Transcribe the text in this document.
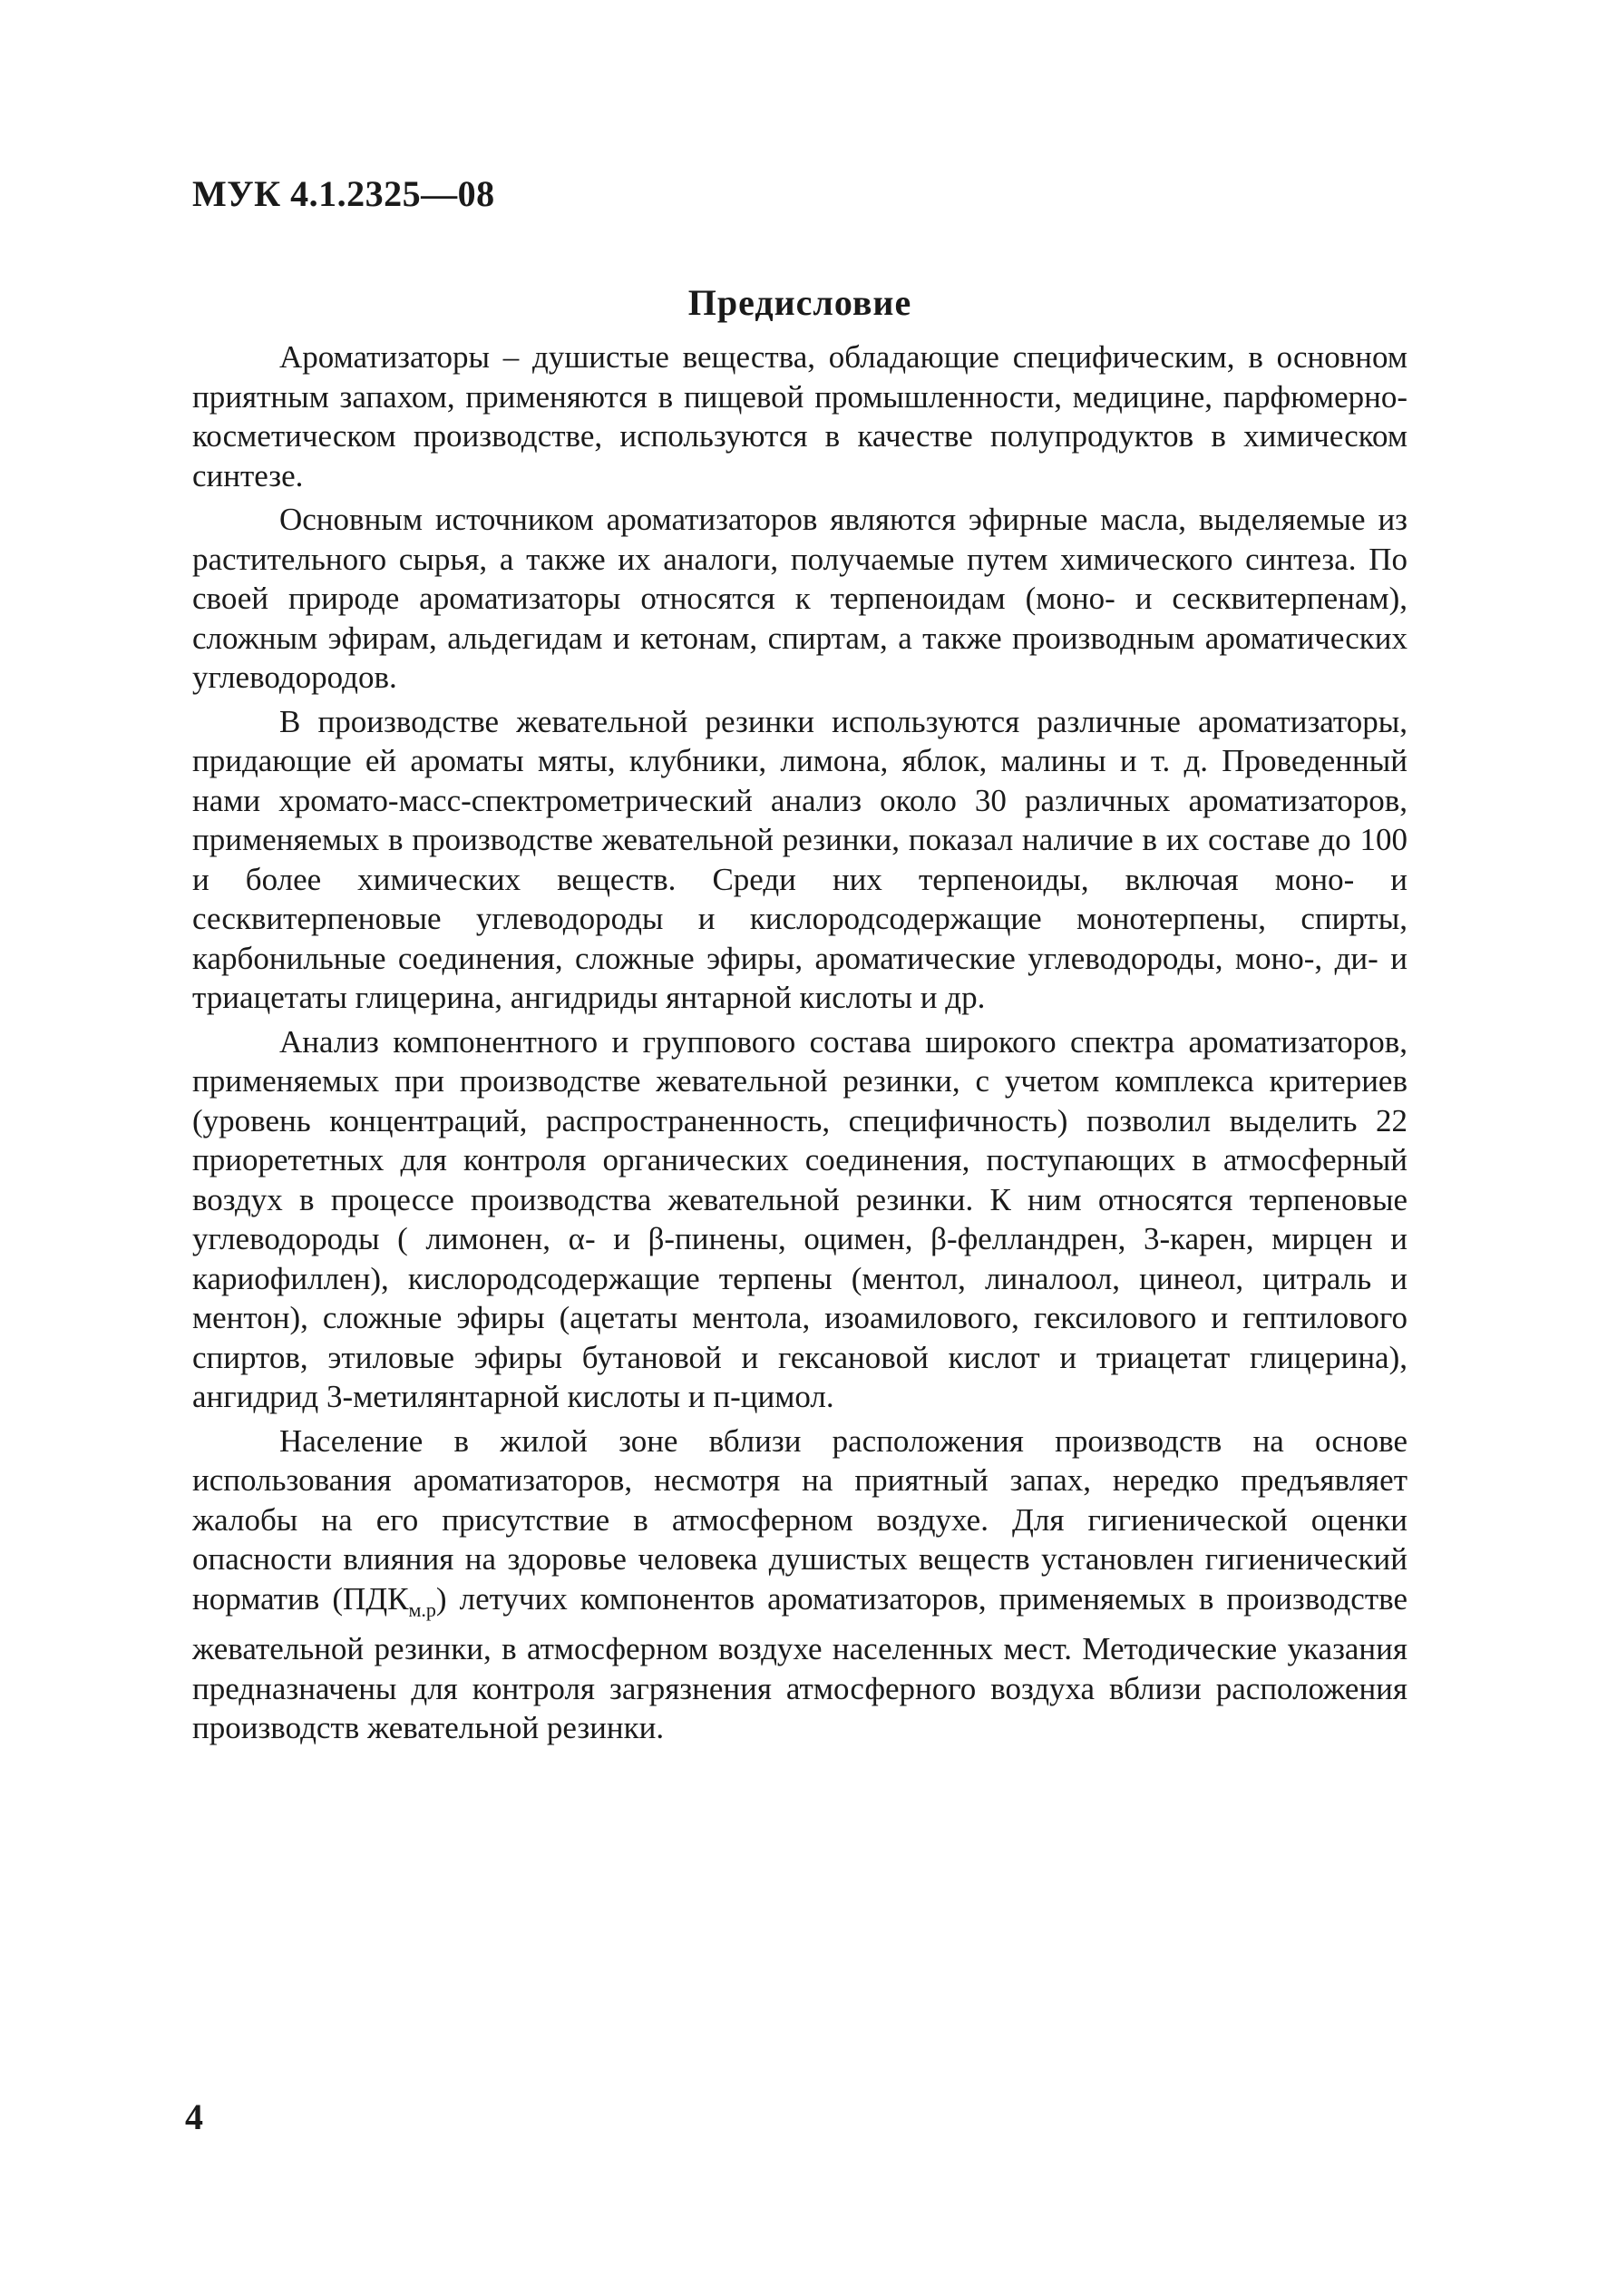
МУК 4.1.2325—08
Предисловие

Ароматизаторы – душистые вещества, обладающие специфическим, в основном приятным запахом, применяются в пищевой промышленности, медицине, парфюмерно-косметическом производстве, используются в качестве полупродуктов в химическом синтезе.

Основным источником ароматизаторов являются эфирные масла, выделяемые из растительного сырья, а также их аналоги, получаемые путем химического синтеза. По своей природе ароматизаторы относятся к терпеноидам (моно- и сесквитерпенам), сложным эфирам, альдегидам и кетонам, спиртам, а также производным ароматических углеводородов.

В производстве жевательной резинки используются различные ароматизаторы, придающие ей ароматы мяты, клубники, лимона, яблок, малины и т. д. Проведенный нами хромато-масс-спектрометрический анализ около 30 различных ароматизаторов, применяемых в производстве жевательной резинки, показал наличие в их составе до 100 и более химических веществ. Среди них терпеноиды, включая моно- и сесквитерпеновые углеводороды и кислородсодержащие монотерпены, спирты, карбонильные соединения, сложные эфиры, ароматические углеводороды, моно-, ди- и триацетаты глицерина, ангидриды янтарной кислоты и др.

Анализ компонентного и группового состава широкого спектра ароматизаторов, применяемых при производстве жевательной резинки, с учетом комплекса критериев (уровень концентраций, распространенность, специфичность) позволил выделить 22 приорететных для контроля органических соединения, поступающих в атмосферный воздух в процессе производства жевательной резинки. К ним относятся терпеновые углеводороды ( лимонен, α- и β-пинены, оцимен, β-фелландрен, 3-карен, мирцен и кариофиллен), кислородсодержащие терпены (ментол, линалоол, цинеол, цитраль и ментон), сложные эфиры (ацетаты ментола, изоамилового, гексилового и гептилового спиртов, этиловые эфиры бутановой и гексановой кислот и триацетат глицерина), ангидрид 3-метилянтарной кислоты и п-цимол.

Население в жилой зоне вблизи расположения производств на основе использования ароматизаторов, несмотря на приятный запах, нередко предъявляет жалобы на его присутствие в атмосферном воздухе. Для гигиенической оценки опасности влияния на здоровье человека душистых веществ установлен гигиенический норматив $(ПДК_{м.р})$ летучих компонентов ароматизаторов, применяемых в производстве жевательной резинки, в атмосферном воздухе населенных мест. Методические указания предназначены для контроля загрязнения атмосферного воздуха вблизи расположения производств жевательной резинки.

4
